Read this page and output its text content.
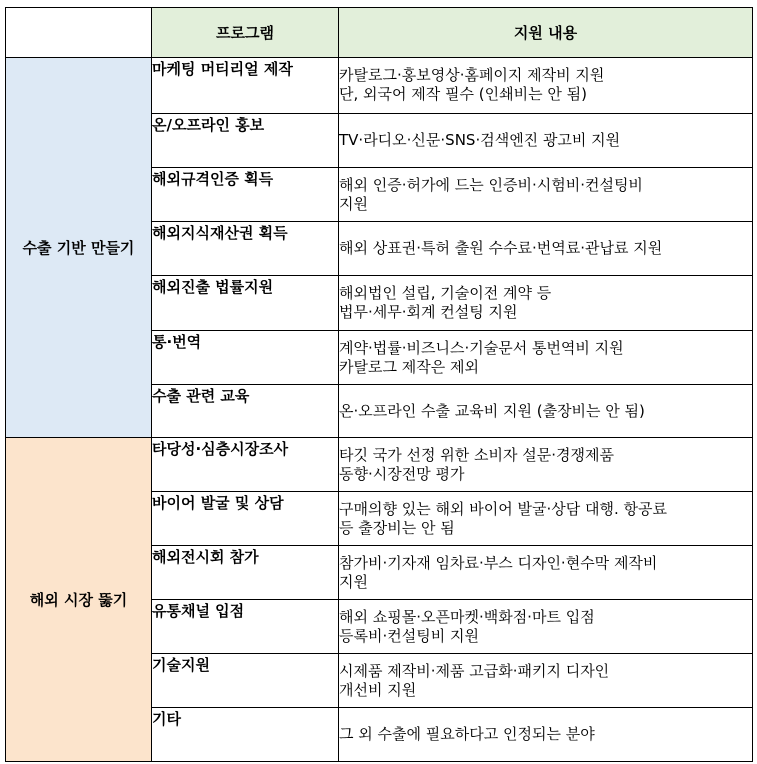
	프로그램	지원 내용
수출 기반 만들기	마케팅 머티리얼 제작	카탈로그·홍보영상·홈페이지 제작비 지원
단, 외국어 제작 필수 (인쇄비는 안 됨)

	온/오프라인 홍보	TV·라디오·신문·SNS·검색엔진 광고비 지원

	해외규격인증 획득	해외 인증·허가에 드는 인증비·시험비·컨설팅비
지원

	해외지식재산권 획득	해외 상표권·특허 출원 수수료·번역료·관납료 지원

	해외진출 법률지원	해외법인 설립, 기술이전 계약 등
법무·세무·회계 컨설팅 지원

	통·번역	계약·법률·비즈니스·기술문서 통번역비 지원
카탈로그 제작은 제외

	수출 관련 교육	온·오프라인 수출 교육비 지원 (출장비는 안 됨)

해외 시장 뚫기	타당성·심층시장조사	타깃 국가 선정 위한 소비자 설문·경쟁제품
동향·시장전망 평가

	바이어 발굴 및 상담	구매의향 있는 해외 바이어 발굴·상담 대행. 항공료
등 출장비는 안 됨

	해외전시회 참가	참가비·기자재 임차료·부스 디자인·현수막 제작비
지원

	유통채널 입점	해외 쇼핑몰·오픈마켓·백화점·마트 입점
등록비·컨설팅비 지원

	기술지원	시제품 제작비·제품 고급화·패키지 디자인
개선비 지원

	기타	그 외 수출에 필요하다고 인정되는 분야
